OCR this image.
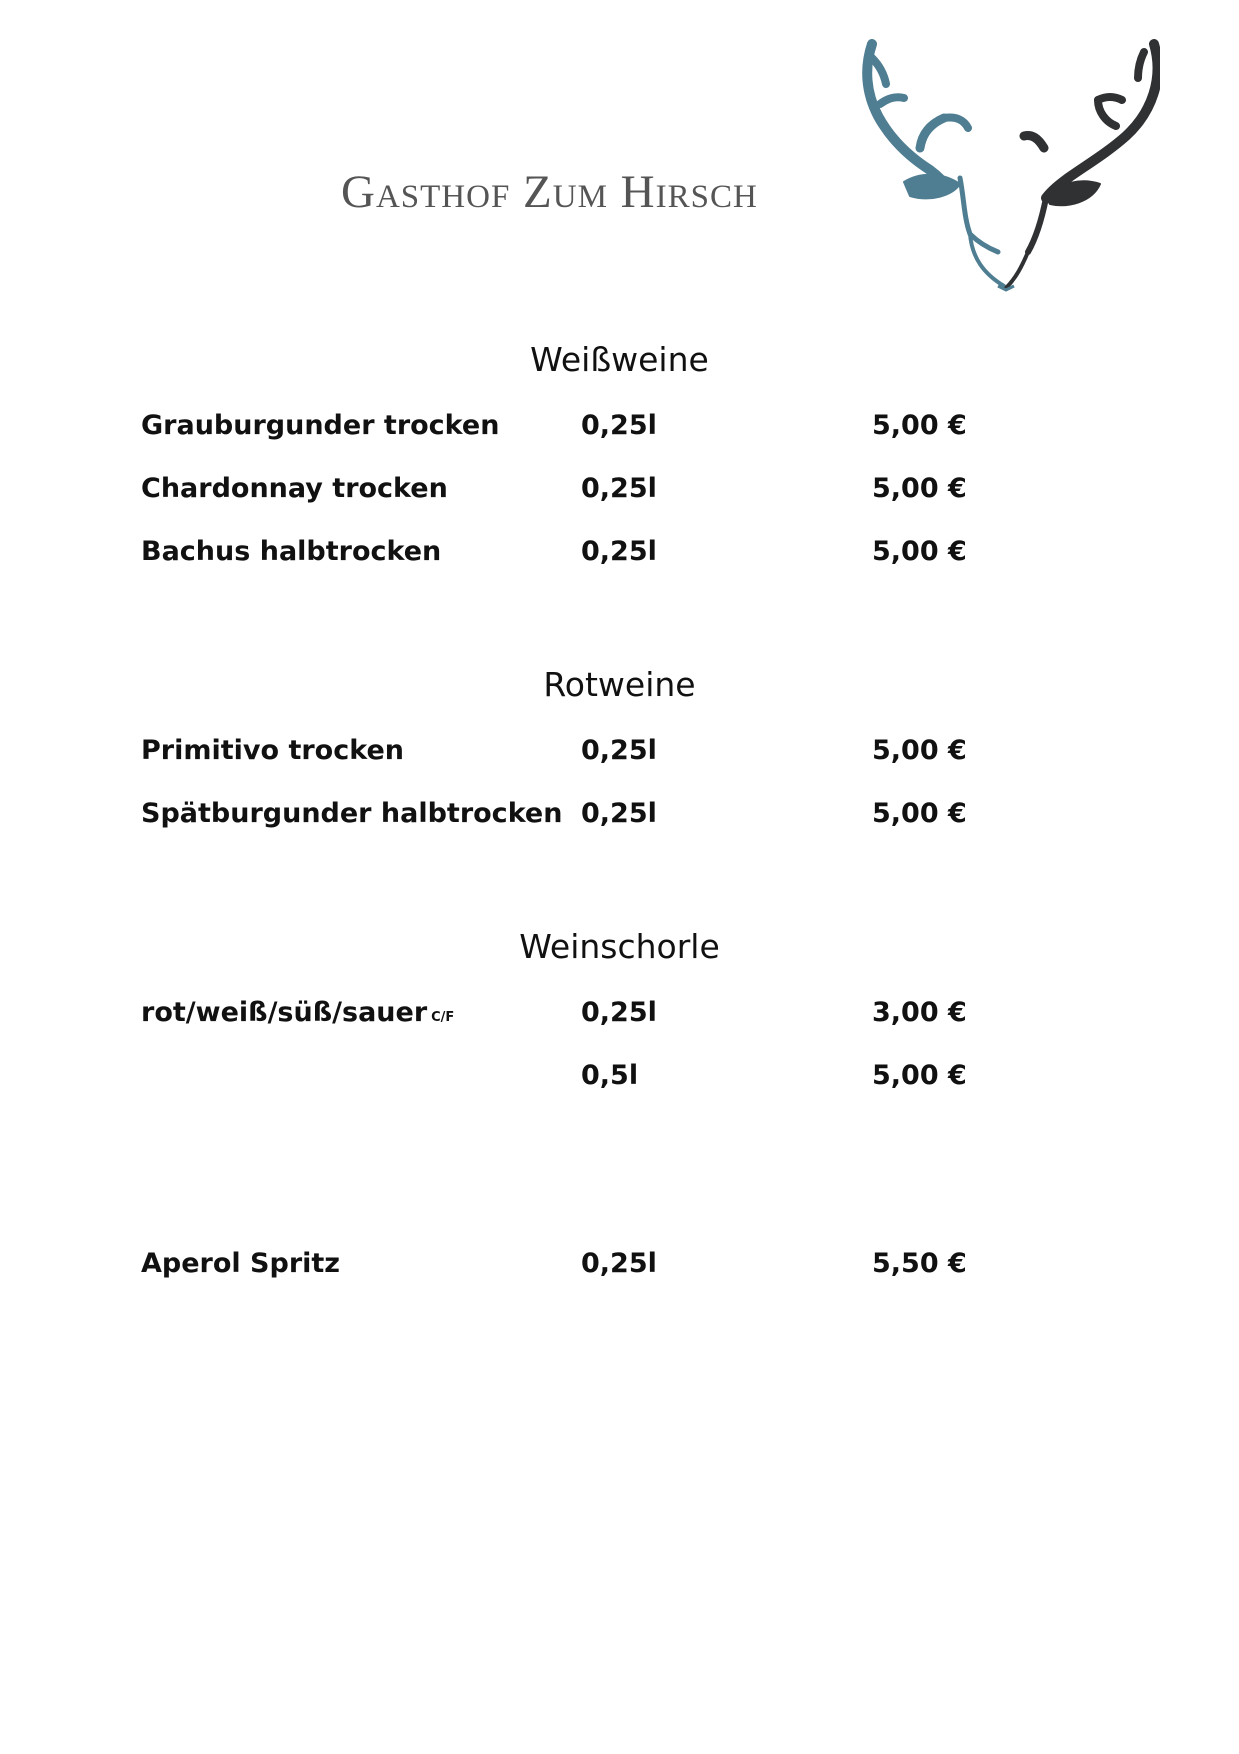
Gasthof Zum Hirsch
Weißweine
Grauburgunder trocken	0,25l	5,00 €
Chardonnay trocken	0,25l	5,00 €
Bachus halbtrocken	0,25l	5,00 €
Rotweine
Primitivo trocken	0,25l	5,00 €
Spätburgunder halbtrocken 0,25l	5,00 €
Weinschorle
rot/weiß/süß/sauer C/F	0,25l	3,00 €
0,5l	5,00 €
Aperol Spritz	0,25l	5,50 €
